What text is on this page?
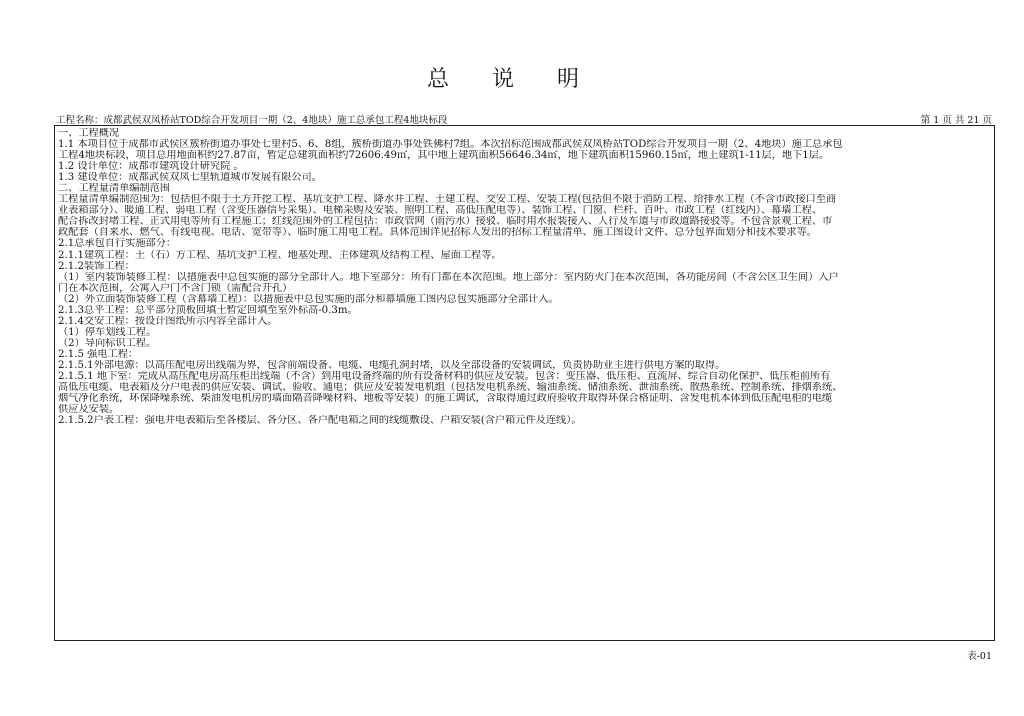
总 说 明
工程名称：成都武侯双凤桥站TOD综合开发项目一期（2、4地块）施工总承包工程4地块标段	第 1 页 共 21 页
一、工程概况
1.1 本项目位于成都市武侯区簇桥街道办事处七里村5、6、8组，簇桥街道办事处铁佛村7组。本次招标范围成都武侯双凤桥站TOD综合开发项目一期（2、4地块）施工总承包
工程4地块标段，项目总用地面积约27.87亩，暂定总建筑面积约72606.49㎡，其中地上建筑面积56646.34㎡，地下建筑面积15960.15㎡，地上建筑1-11层，地下1层。
1.2 设计单位：成都市建筑设计研究院 。
1.3 建设单位：成都武侯双凤七里轨道城市发展有限公司。
二、工程量清单编制范围
工程量清单编制范围为：包括但不限于土方开挖工程、基坑支护工程、降水井工程、土建工程、交安工程、安装工程(包括但不限于消防工程、给排水工程（不含市政接口至商
业表箱部分）、暖通工程、弱电工程（含变压器信号采集）、电梯采购及安装、照明工程、高低压配电等）、装饰工程、门窗、栏杆、百叶、市政工程（红线内）、幕墙工程、
配合拆改封堵工程、正式用电等所有工程施工；红线范围外的工程包括：市政管网（雨污水）接驳、临时用水报装接入、人行及车道与市政道路接驳等。不包含景观工程、市
政配套（自来水、燃气、有线电视、电话、宽带等）、临时施工用电工程。具体范围详见招标人发出的招标工程量清单、施工图设计文件、总分包界面划分和技术要求等。
2.1总承包自行实施部分：
2.1.1建筑工程：土（石）方工程、基坑支护工程、地基处理、主体建筑及结构工程、屋面工程等。
2.1.2装饰工程：
（1）室内装饰装修工程：以措施表中总包实施的部分全部计入。地下室部分：所有门都在本次范围。地上部分：室内防火门在本次范围，各功能房间（不含公区卫生间）入户
门在本次范围，公寓入户门不含门锁（需配合开孔）
（2）外立面装饰装修工程（含幕墙工程）：以措施表中总包实施的部分和幕墙施工图内总包实施部分全部计入。
2.1.3总平工程：总平部分顶板回填土暂定回填至室外标高-0.3m。
2.1.4交安工程：按设计图纸所示内容全部计入。
（1）停车划线工程。
（2）导向标识工程。
2.1.5 强电工程：
2.1.5.1外部电源：以高压配电房出线端为界，包含前端设备、电缆、电缆孔洞封堵，以及全部设备的安装调试，负责协助业主进行供电方案的取得。
2.1.5.1 地下室：完成从高压配电房高压柜出线端（不含）到用电设备终端的所有设备材料的供应及安装。包含：变压器、低压柜、直流屏、综合自动化保护、低压柜前所有
高低压电缆、电表箱及分户电表的供应安装、调试、验收、通电；供应及安装发电机组（包括发电机系统、输油系统、储油系统、泄油系统、散热系统、控制系统、排烟系统、
烟气净化系统，环保降噪系统、柴油发电机房的墙面隔音降噪材料、地板等安装）的施工调试，含取得通过政府验收并取得环保合格证明、含发电机本体到低压配电柜的电缆
供应及安装。
2.1.5.2户表工程：强电井电表箱后至各楼层、各分区、各户配电箱之间的线缆敷设、户箱安装(含户箱元件及连线）。
表-01
